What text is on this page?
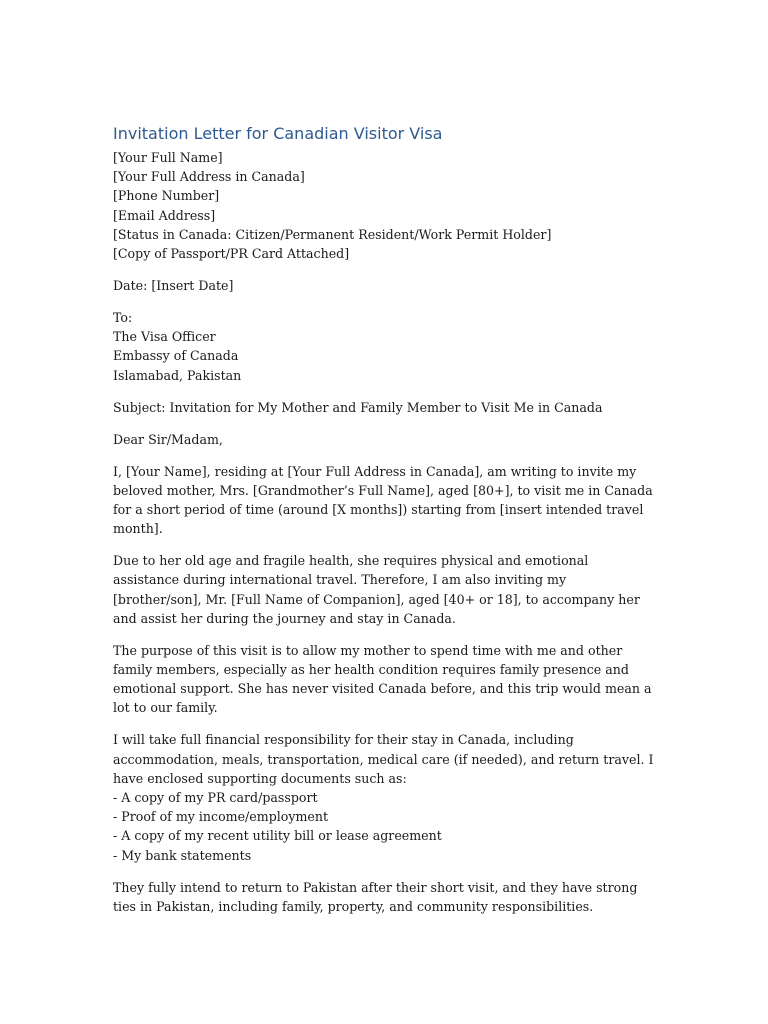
Invitation Letter for Canadian Visitor Visa
[Your Full Name]
[Your Full Address in Canada]
[Phone Number]
[Email Address]
[Status in Canada: Citizen/Permanent Resident/Work Permit Holder]
[Copy of Passport/PR Card Attached]
Date: [Insert Date]
To:
The Visa Officer
Embassy of Canada
Islamabad, Pakistan
Subject: Invitation for My Mother and Family Member to Visit Me in Canada
Dear Sir/Madam,

I, [Your Name], residing at [Your Full Address in Canada], am writing to invite my beloved mother, Mrs. [Grandmother’s Full Name], aged [80+], to visit me in Canada for a short period of time (around [X months]) starting from [insert intended travel month].

Due to her old age and fragile health, she requires physical and emotional assistance during international travel. Therefore, I am also inviting my [brother/son], Mr. [Full Name of Companion], aged [40+ or 18], to accompany her and assist her during the journey and stay in Canada.

The purpose of this visit is to allow my mother to spend time with me and other family members, especially as her health condition requires family presence and emotional support. She has never visited Canada before, and this trip would mean a lot to our family.

I will take full financial responsibility for their stay in Canada, including accommodation, meals, transportation, medical care (if needed), and return travel. I have enclosed supporting documents such as:
- A copy of my PR card/passport
- Proof of my income/employment
- A copy of my recent utility bill or lease agreement
- My bank statements

They fully intend to return to Pakistan after their short visit, and they have strong ties in Pakistan, including family, property, and community responsibilities.
